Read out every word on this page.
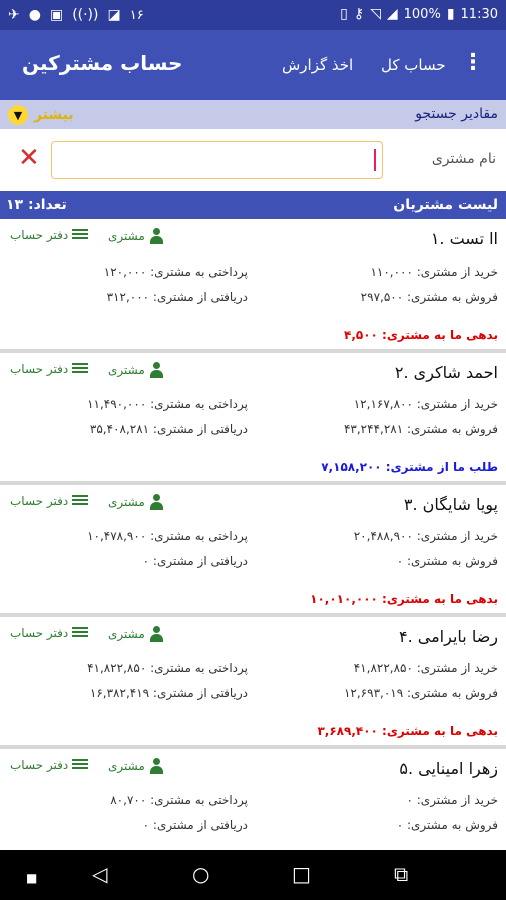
✈ ● ▣ ((·)) ◪ ۱۶	▯ ⚷ ◹ ◢ 100% ▮ 11:30
حساب مشترکین	اخذ گزارش حساب کل ⋮
مقادیر جستجو
▼ بیشتر
نام مشتری
✕
لیست مشتریان
تعداد: ۱۳
۱. اا تست
مشتری
دفتر حساب
خرید از مشتری: ۱۱۰,۰۰۰
پرداختی به مشتری: ۱۲۰,۰۰۰
فروش به مشتری: ۲۹۷,۵۰۰
دریافتی از مشتری: ۳۱۲,۰۰۰
بدهی ما به مشتری: ۴,۵۰۰
۲. احمد شاکری
مشتری
دفتر حساب
خرید از مشتری: ۱۲,۱۶۷,۸۰۰
پرداختی به مشتری: ۱۱,۴۹۰,۰۰۰
فروش به مشتری: ۴۳,۲۴۴,۲۸۱
دریافتی از مشتری: ۳۵,۴۰۸,۲۸۱
طلب ما از مشتری: ۷,۱۵۸,۲۰۰
۳. پویا شایگان
مشتری
دفتر حساب
خرید از مشتری: ۲۰,۴۸۸,۹۰۰
پرداختی به مشتری: ۱۰,۴۷۸,۹۰۰
فروش به مشتری: ۰
دریافتی از مشتری: ۰
بدهی ما به مشتری: ۱۰,۰۱۰,۰۰۰
۴. رضا بایرامی
مشتری
دفتر حساب
خرید از مشتری: ۴۱,۸۲۲,۸۵۰
پرداختی به مشتری: ۴۱,۸۲۲,۸۵۰
فروش به مشتری: ۱۲,۶۹۳,۰۱۹
دریافتی از مشتری: ۱۶,۳۸۲,۴۱۹
بدهی ما به مشتری: ۳,۶۸۹,۴۰۰
۵. زهرا امینایی
مشتری
دفتر حساب
خرید از مشتری: ۰
پرداختی به مشتری: ۸۰,۷۰۰
فروش به مشتری: ۰
دریافتی از مشتری: ۰
■	◁	○	□	⧉
